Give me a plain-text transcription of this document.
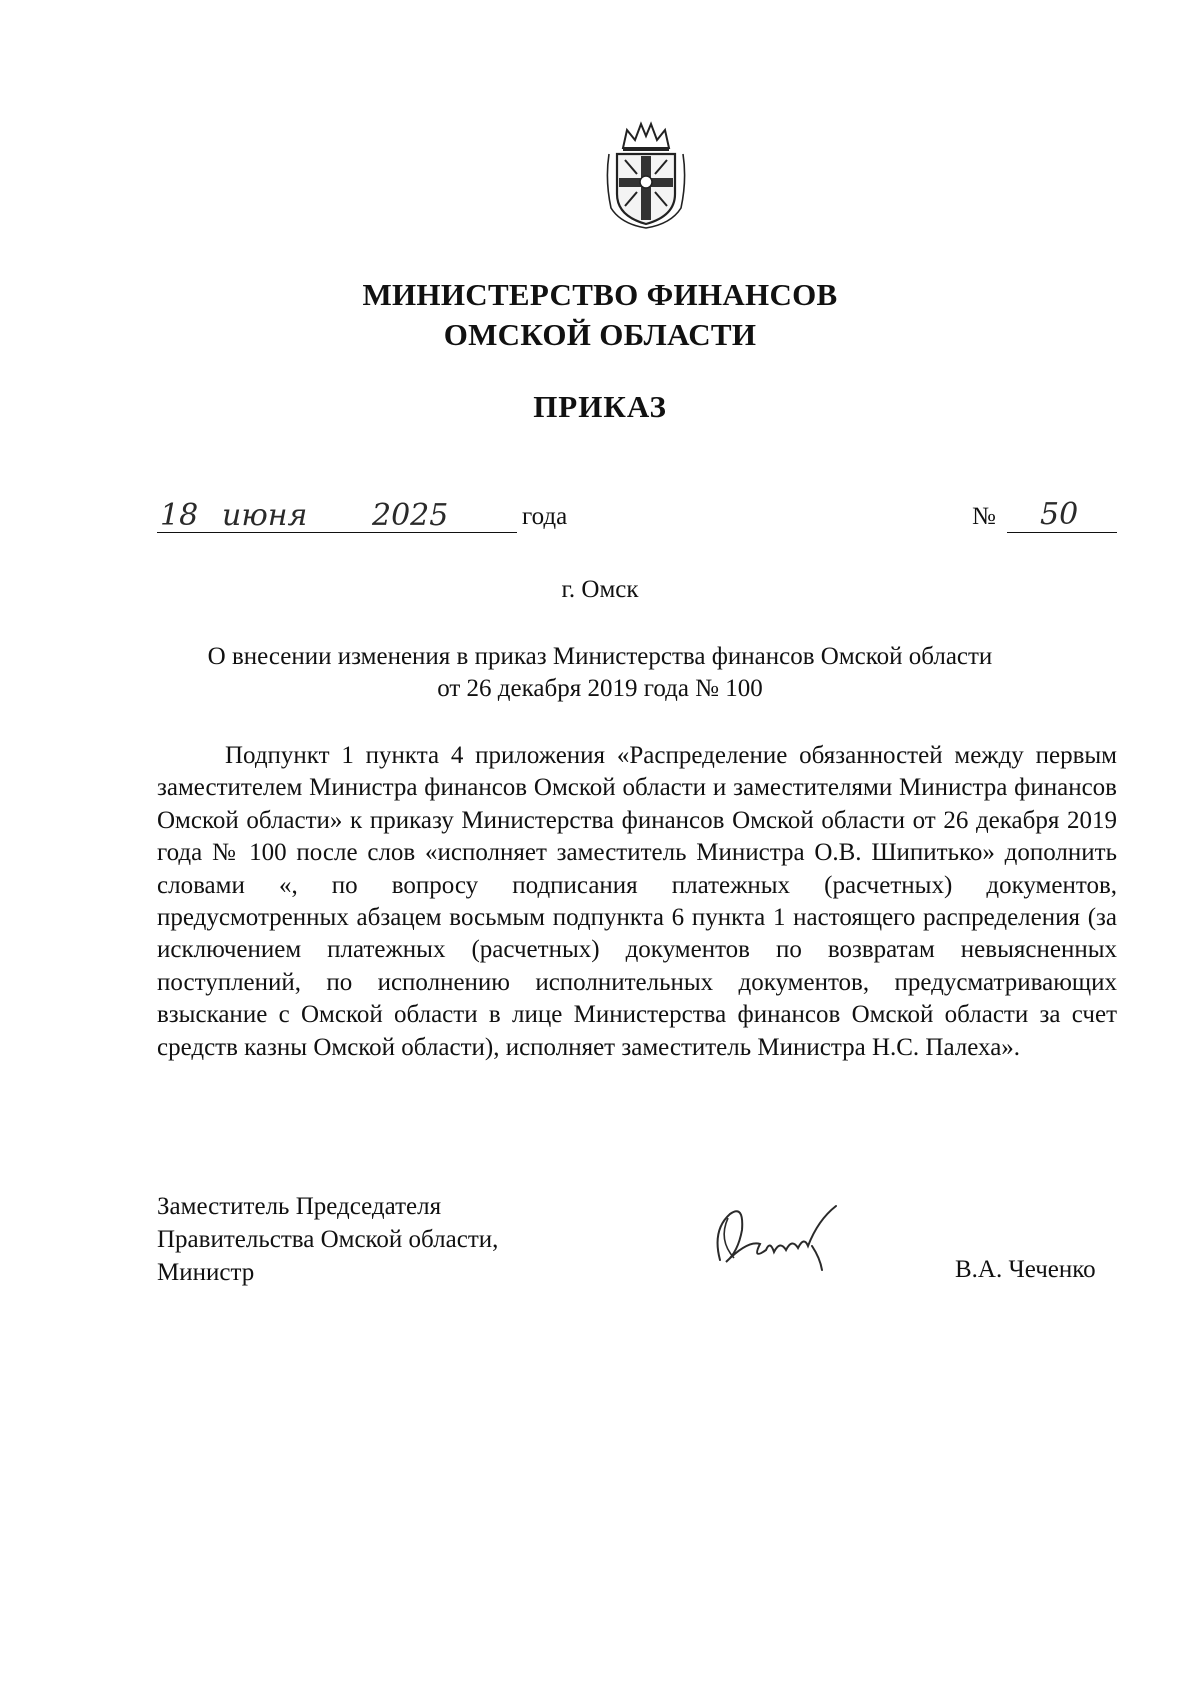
МИНИСТЕРСТВО ФИНАНСОВ
ОМСКОЙ ОБЛАСТИ
ПРИКАЗ
18 июня 2025	года	№ 50
г. Омск
О внесении изменения в приказ Министерства финансов Омской области
от 26 декабря 2019 года № 100
Подпункт 1 пункта 4 приложения «Распределение обязанностей между первым заместителем Министра финансов Омской области и заместителями Министра финансов Омской области» к приказу Министерства финансов Омской области от 26 декабря 2019 года № 100 после слов «исполняет заместитель Министра О.В. Шипитько» дополнить словами «, по вопросу подписания платежных (расчетных) документов, предусмотренных абзацем восьмым подпункта 6 пункта 1 настоящего распределения (за исключением платежных (расчетных) документов по возвратам невыясненных поступлений, по исполнению исполнительных документов, предусматривающих взыскание с Омской области в лице Министерства финансов Омской области за счет средств казны Омской области), исполняет заместитель Министра Н.С. Палеха».
Заместитель Председателя
Правительства Омской области,
Министр	В.А. Чеченко
